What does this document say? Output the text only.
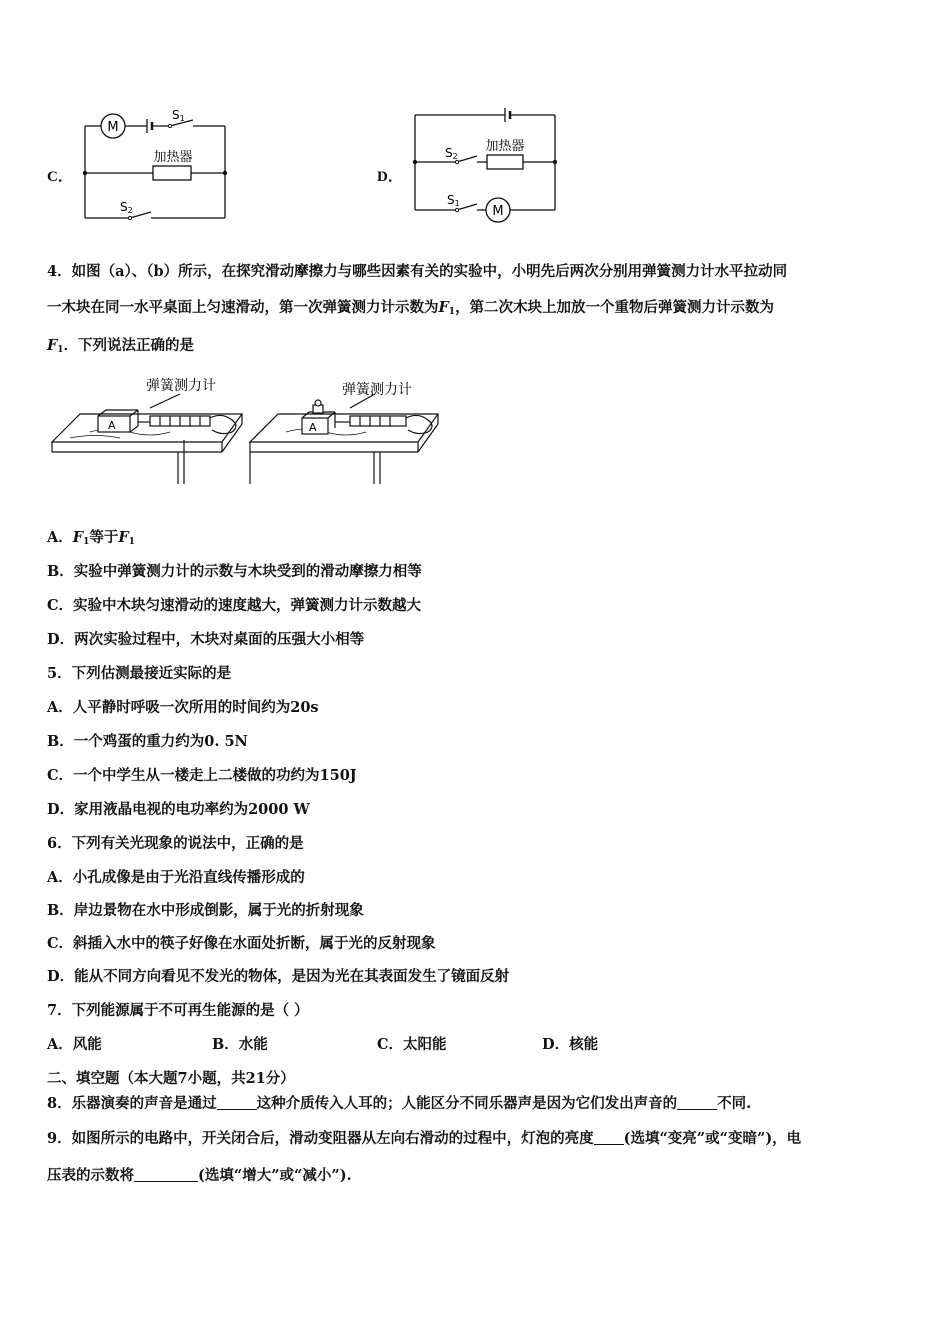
C．
M
S1
S2
加热器
D．
M
S2
S1
加热器
4．如图（a）、（b）所示，在探究滑动摩擦力与哪些因素有关的实验中，小明先后两次分别用弹簧测力计水平拉动同
一木块在同一水平桌面上匀速滑动，第一次弹簧测力计示数为$F_1$，第二次木块上加放一个重物后弹簧测力计示数为
$F_1$．下列说法正确的是
弹簧测力计	弹簧测力计
A	A
A．$F_1$等于$F_1$
B．实验中弹簧测力计的示数与木块受到的滑动摩擦力相等
C．实验中木块匀速滑动的速度越大，弹簧测力计示数越大
D．两次实验过程中，木块对桌面的压强大小相等
5．下列估测最接近实际的是
A．人平静时呼吸一次所用的时间约为20s
B．一个鸡蛋的重力约为0. 5N
C．一个中学生从一楼走上二楼做的功约为150J
D．家用液晶电视的电功率约为2000 W
6．下列有关光现象的说法中，正确的是
A．小孔成像是由于光沿直线传播形成的
B．岸边景物在水中形成倒影，属于光的折射现象
C．斜插入水中的筷子好像在水面处折断，属于光的反射现象
D．能从不同方向看见不发光的物体，是因为光在其表面发生了镜面反射
7．下列能源属于不可再生能源的是（ ）
A．风能	B．水能	C．太阳能	D．核能
二、填空题（本大题7小题，共21分）
8．乐器演奏的声音是通过	这种介质传入人耳的；人能区分不同乐器声是因为它们发出声音的	不同.
9．如图所示的电路中，开关闭合后，滑动变阻器从左向右滑动的过程中，灯泡的亮度 (选填“变亮”或“变暗”)，电
压表的示数将	(选填“增大”或“减小”).
